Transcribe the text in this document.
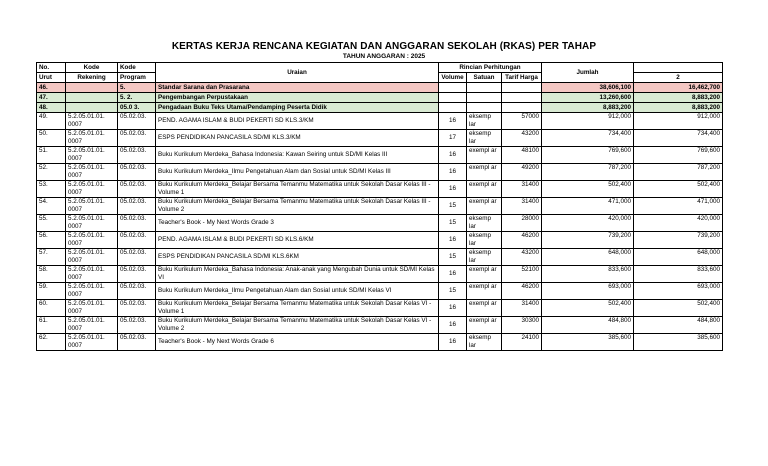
KERTAS KERJA RENCANA KEGIATAN DAN ANGGARAN SEKOLAH (RKAS) PER TAHAP
TAHUN ANGGARAN : 2025
No.	Kode	Kode	Uraian	Rincian Perhitungan			Jumlah	
Urut	Rekening	Program		Volume	Satuan	Tarif Harga		2
46.		5.	Standar Sarana dan Prasarana				38,606,100	16,462,700
47.		5. 2.	Pengembangan Perpustakaan				13,260,600	8,883,200
48.		05.0 3.	Pengadaan Buku Teks Utama/Pendamping Peserta Didik				8,883,200	8,883,200
49.	5.2.05.01.01. 0007	05.02.03.	PEND. AGAMA ISLAM & BUDI PEKERTI SD KLS.3/KM	16	eksemp lar	57000	912,000	912,000
50.	5.2.05.01.01. 0007	05.02.03.	ESPS PENDIDIKAN PANCASILA SD/MI KLS.3/KM	17	eksemp lar	43200	734,400	734,400
51.	5.2.05.01.01. 0007	05.02.03.	Buku Kurikulum Merdeka_Bahasa Indonesia: Kawan Seiring untuk SD/MI Kelas III	16	exempl ar	48100	769,600	769,600
52.	5.2.05.01.01. 0007	05.02.03.	Buku Kurikulum Merdeka_Ilmu Pengetahuan Alam dan Sosial untuk SD/MI Kelas III	16	exempl ar	49200	787,200	787,200
53.	5.2.05.01.01. 0007	05.02.03.	Buku Kurikulum Merdeka_Belajar Bersama Temanmu Matematika untuk Sekolah Dasar Kelas III - Volume 1	16	exempl ar	31400	502,400	502,400
54.	5.2.05.01.01. 0007	05.02.03.	Buku Kurikulum Merdeka_Belajar Bersama Temanmu Matematika untuk Sekolah Dasar Kelas III - Volume 2	15	exempl ar	31400	471,000	471,000
55.	5.2.05.01.01. 0007	05.02.03.	Teacher's Book - My Next Words Grade 3	15	eksemp lar	28000	420,000	420,000
56.	5.2.05.01.01. 0007	05.02.03.	PEND. AGAMA ISLAM & BUDI PEKERTI SD KLS.6/KM	16	eksemp lar	46200	739,200	739,200
57.	5.2.05.01.01. 0007	05.02.03.	ESPS PENDIDIKAN PANCASILA SD/MI KLS.6KM	15	eksemp lar	43200	648,000	648,000
58.	5.2.05.01.01. 0007	05.02.03.	Buku Kurikulum Merdeka_Bahasa Indonesia: Anak-anak yang Mengubah Dunia untuk SD/MI Kelas VI	16	exempl ar	52100	833,600	833,600
59.	5.2.05.01.01. 0007	05.02.03.	Buku Kurikulum Merdeka_Ilmu Pengetahuan Alam dan Sosial untuk SD/MI Kelas VI	15	exempl ar	46200	693,000	693,000
60.	5.2.05.01.01. 0007	05.02.03.	Buku Kurikulum Merdeka_Belajar Bersama Temanmu Matematika untuk Sekolah Dasar Kelas VI - Volume 1	16	exempl ar	31400	502,400	502,400
61.	5.2.05.01.01. 0007	05.02.03.	Buku Kurikulum Merdeka_Belajar Bersama Temanmu Matematika untuk Sekolah Dasar Kelas VI - Volume 2	16	exempl ar	30300	484,800	484,800
62.	5.2.05.01.01. 0007	05.02.03.	Teacher's Book - My Next Words Grade 6	16	eksemp lar	24100	385,600	385,600
